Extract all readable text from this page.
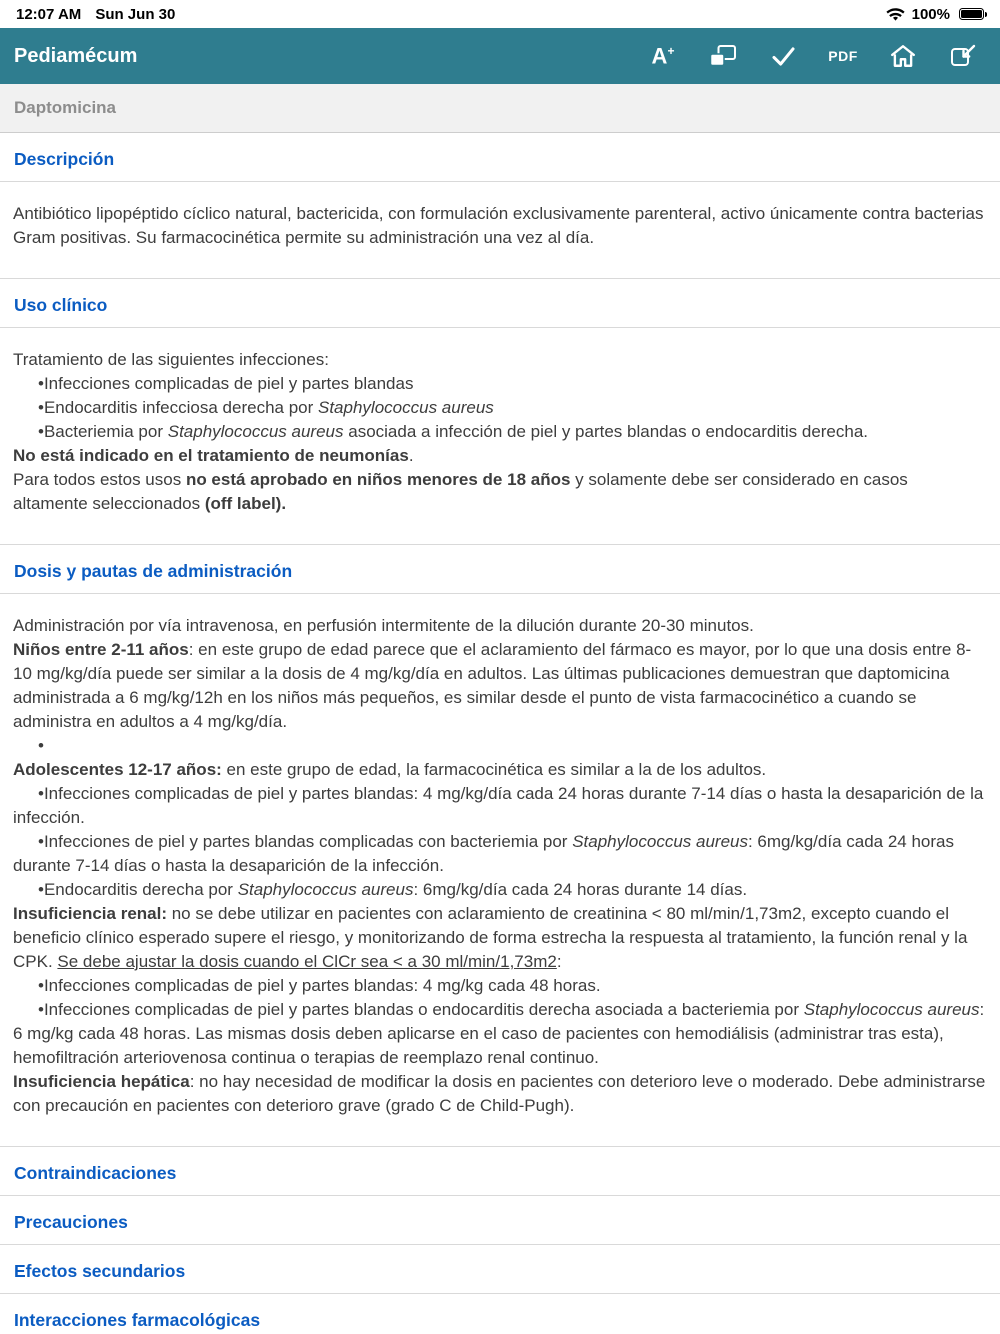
12:07 AM Sun Jun 30	100%
Pediamécum	A+	PDF
Daptomicina
Descripción

Antibiótico lipopéptido cíclico natural, bactericida, con formulación exclusivamente parenteral, activo únicamente contra bacterias Gram positivas. Su farmacocinética permite su administración una vez al día.

Uso clínico

Tratamiento de las siguientes infecciones:

•Infecciones complicadas de piel y partes blandas

•Endocarditis infecciosa derecha por Staphylococcus aureus

•Bacteriemia por Staphylococcus aureus asociada a infección de piel y partes blandas o endocarditis derecha.

No está indicado en el tratamiento de neumonías.

Para todos estos usos no está aprobado en niños menores de 18 años y solamente debe ser considerado en casos altamente seleccionados (off label).

Dosis y pautas de administración

Administración por vía intravenosa, en perfusión intermitente de la dilución durante 20-30 minutos.

Niños entre 2-11 años: en este grupo de edad parece que el aclaramiento del fármaco es mayor, por lo que una dosis entre 8-10 mg/kg/día puede ser similar a la dosis de 4 mg/kg/día en adultos. Las últimas publicaciones demuestran que daptomicina administrada a 6 mg/kg/12h en los niños más pequeños, es similar desde el punto de vista farmacocinético a cuando se administra en adultos a 4 mg/kg/día.

•

Adolescentes 12-17 años: en este grupo de edad, la farmacocinética es similar a la de los adultos.

•Infecciones complicadas de piel y partes blandas: 4 mg/kg/día cada 24 horas durante 7-14 días o hasta la desaparición de la infección.

•Infecciones de piel y partes blandas complicadas con bacteriemia por Staphylococcus aureus: 6mg/kg/día cada 24 horas durante 7-14 días o hasta la desaparición de la infección.

•Endocarditis derecha por Staphylococcus aureus: 6mg/kg/día cada 24 horas durante 14 días.

Insuficiencia renal: no se debe utilizar en pacientes con aclaramiento de creatinina < 80 ml/min/1,73m2, excepto cuando el beneficio clínico esperado supere el riesgo, y monitorizando de forma estrecha la respuesta al tratamiento, la función renal y la CPK. Se debe ajustar la dosis cuando el ClCr sea < a 30 ml/min/1,73m2:

•Infecciones complicadas de piel y partes blandas: 4 mg/kg cada 48 horas.

•Infecciones complicadas de piel y partes blandas o endocarditis derecha asociada a bacteriemia por Staphylococcus aureus: 6 mg/kg cada 48 horas. Las mismas dosis deben aplicarse en el caso de pacientes con hemodiálisis (administrar tras esta), hemofiltración arteriovenosa continua o terapias de reemplazo renal continuo.

Insuficiencia hepática: no hay necesidad de modificar la dosis en pacientes con deterioro leve o moderado. Debe administrarse con precaución en pacientes con deterioro grave (grado C de Child-Pugh).

Contraindicaciones
Precauciones
Efectos secundarios
Interacciones farmacológicas
